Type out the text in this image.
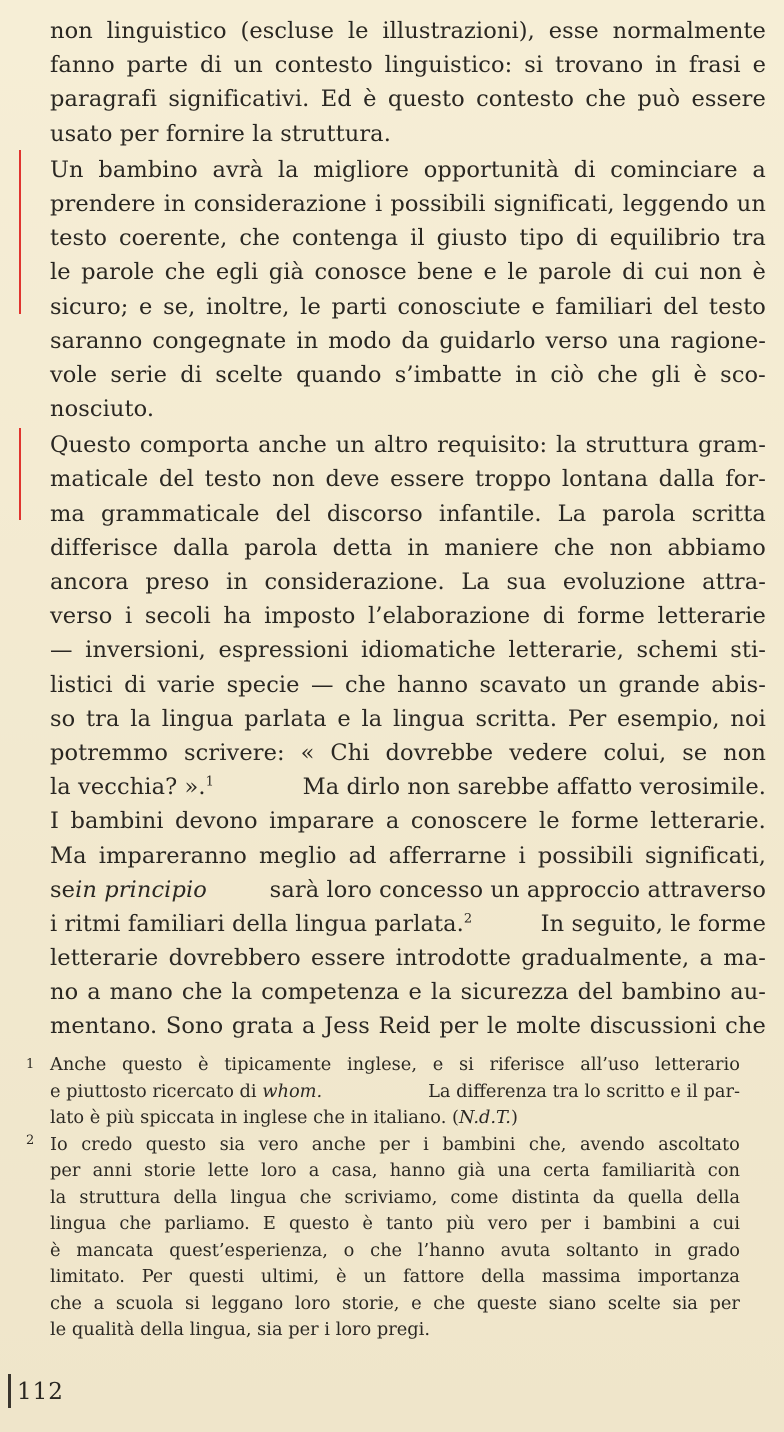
non linguistico (escluse le illustrazioni), esse normalmente
fanno parte di un contesto linguistico: si trovano in frasi e
paragrafi significativi. Ed è questo contesto che può essere
usato per fornire la struttura.
Un bambino avrà la migliore opportunità di cominciare a
prendere in considerazione i possibili significati, leggendo un
testo coerente, che contenga il giusto tipo di equilibrio tra
le parole che egli già conosce bene e le parole di cui non è
sicuro; e se, inoltre, le parti conosciute e familiari del testo
saranno congegnate in modo da guidarlo verso una ragione-
vole serie di scelte quando s’imbatte in ciò che gli è sco-
nosciuto.
Questo comporta anche un altro requisito: la struttura gram-
maticale del testo non deve essere troppo lontana dalla for-
ma grammaticale del discorso infantile. La parola scritta
differisce dalla parola detta in maniere che non abbiamo
ancora preso in considerazione. La sua evoluzione attra-
verso i secoli ha imposto l’elaborazione di forme letterarie
— inversioni, espressioni idiomatiche letterarie, schemi sti-
listici di varie specie — che hanno scavato un grande abis-
so tra la lingua parlata e la lingua scritta. Per esempio, noi
potremmo scrivere: « Chi dovrebbe vedere colui, se non
la vecchia? ».$^1$	Ma dirlo non sarebbe affatto verosimile.
I bambini devono imparare a conoscere le forme letterarie.
Ma impareranno meglio ad afferrarne i possibili significati,
sein principio	sarà loro concesso un approccio attraverso
i ritmi familiari della lingua parlata.$^2$	In seguito, le forme
letterarie dovrebbero essere introdotte gradualmente, a ma-
no a mano che la competenza e la sicurezza del bambino au-
mentano. Sono grata a Jess Reid per le molte discussioni che
1 Anche questo è tipicamente inglese, e si riferisce all’uso letterario
e piuttosto ricercato di whom.	La differenza tra lo scritto e il par-
lato è più spiccata in inglese che in italiano. (N.d.T.)
2 Io credo questo sia vero anche per i bambini che, avendo ascoltato
per anni storie lette loro a casa, hanno già una certa familiarità con
la struttura della lingua che scriviamo, come distinta da quella della
lingua che parliamo. E questo è tanto più vero per i bambini a cui
è mancata quest’esperienza, o che l’hanno avuta soltanto in grado
limitato. Per questi ultimi, è un fattore della massima importanza
che a scuola si leggano loro storie, e che queste siano scelte sia per
le qualità della lingua, sia per i loro pregi.
112
